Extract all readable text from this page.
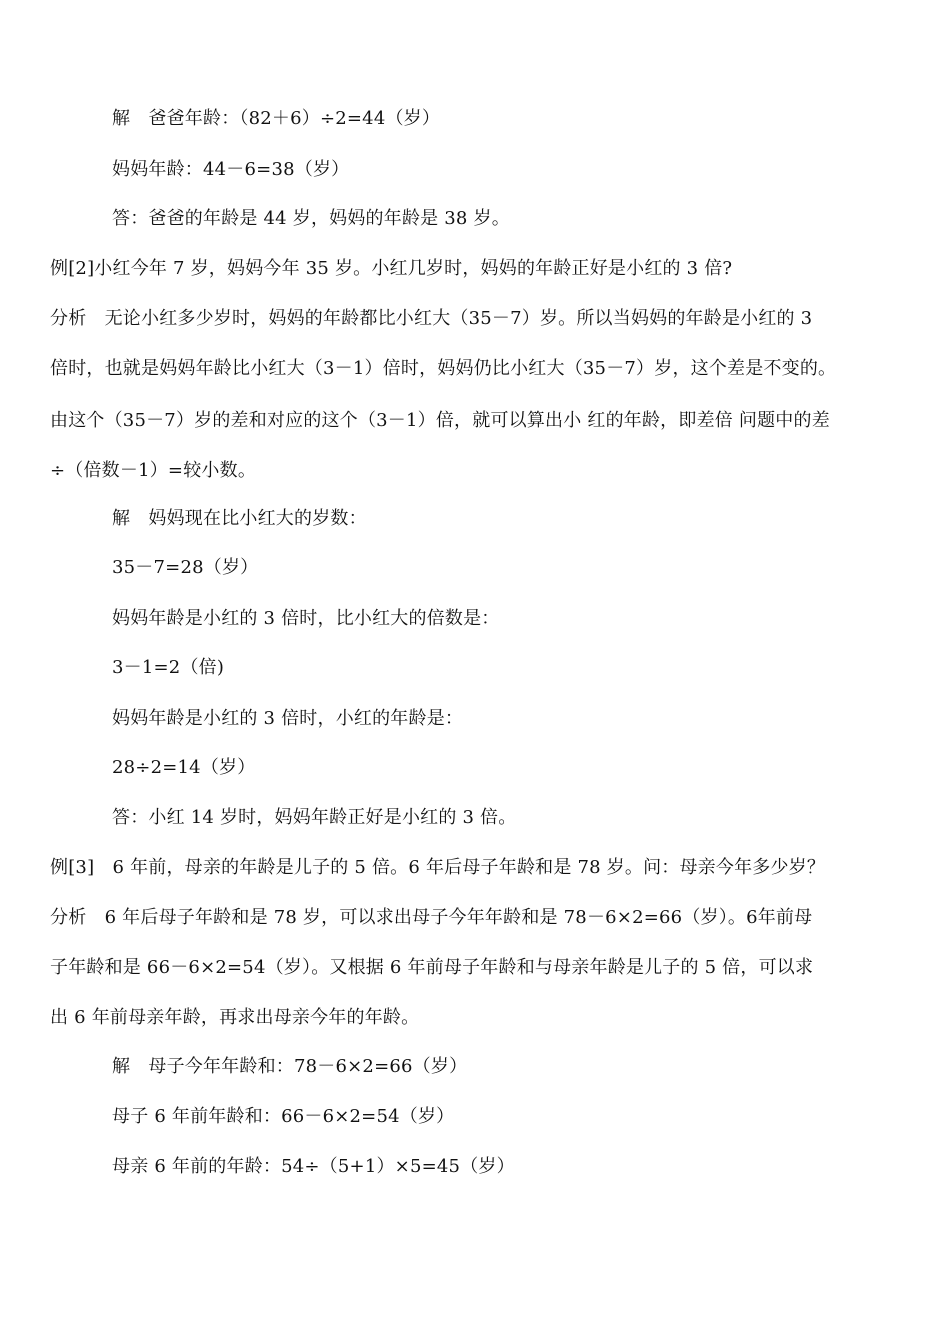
解　爸爸年龄：（82＋6）÷2=44（岁）
妈妈年龄：44－6=38（岁）
答：爸爸的年龄是 44 岁，妈妈的年龄是 38 岁。
例[2]小红今年 7 岁，妈妈今年 35 岁。小红几岁时，妈妈的年龄正好是小红的 3 倍?
分析　无论小红多少岁时，妈妈的年龄都比小红大（35－7）岁。所以当妈妈的年龄是小红的 3
倍时，也就是妈妈年龄比小红大（3－1）倍时，妈妈仍比小红大（35－7）岁，这个差是不变的。
由这个（35－7）岁的差和对应的这个（3－1）倍，就可以算出小 红的年龄，即差倍 问题中的差
÷（倍数－1）=较小数。
解　妈妈现在比小红大的岁数：
35－7=28（岁）
妈妈年龄是小红的 3 倍时，比小红大的倍数是：
3－1=2（倍)
妈妈年龄是小红的 3 倍时，小红的年龄是：
28÷2=14（岁）
答：小红 14 岁时，妈妈年龄正好是小红的 3 倍。
例[3]　6 年前，母亲的年龄是儿子的 5 倍。6 年后母子年龄和是 78 岁。问：母亲今年多少岁？
分析　6 年后母子年龄和是 78 岁，可以求出母子今年年龄和是 78－6×2=66（岁）。6年前母
子年龄和是 66－6×2=54（岁）。又根据 6 年前母子年龄和与母亲年龄是儿子的 5 倍，可以求
出 6 年前母亲年龄，再求出母亲今年的年龄。
解　母子今年年龄和：78－6×2=66（岁）
母子 6 年前年龄和：66－6×2=54（岁）
母亲 6 年前的年龄：54÷（5+1）×5=45（岁）
